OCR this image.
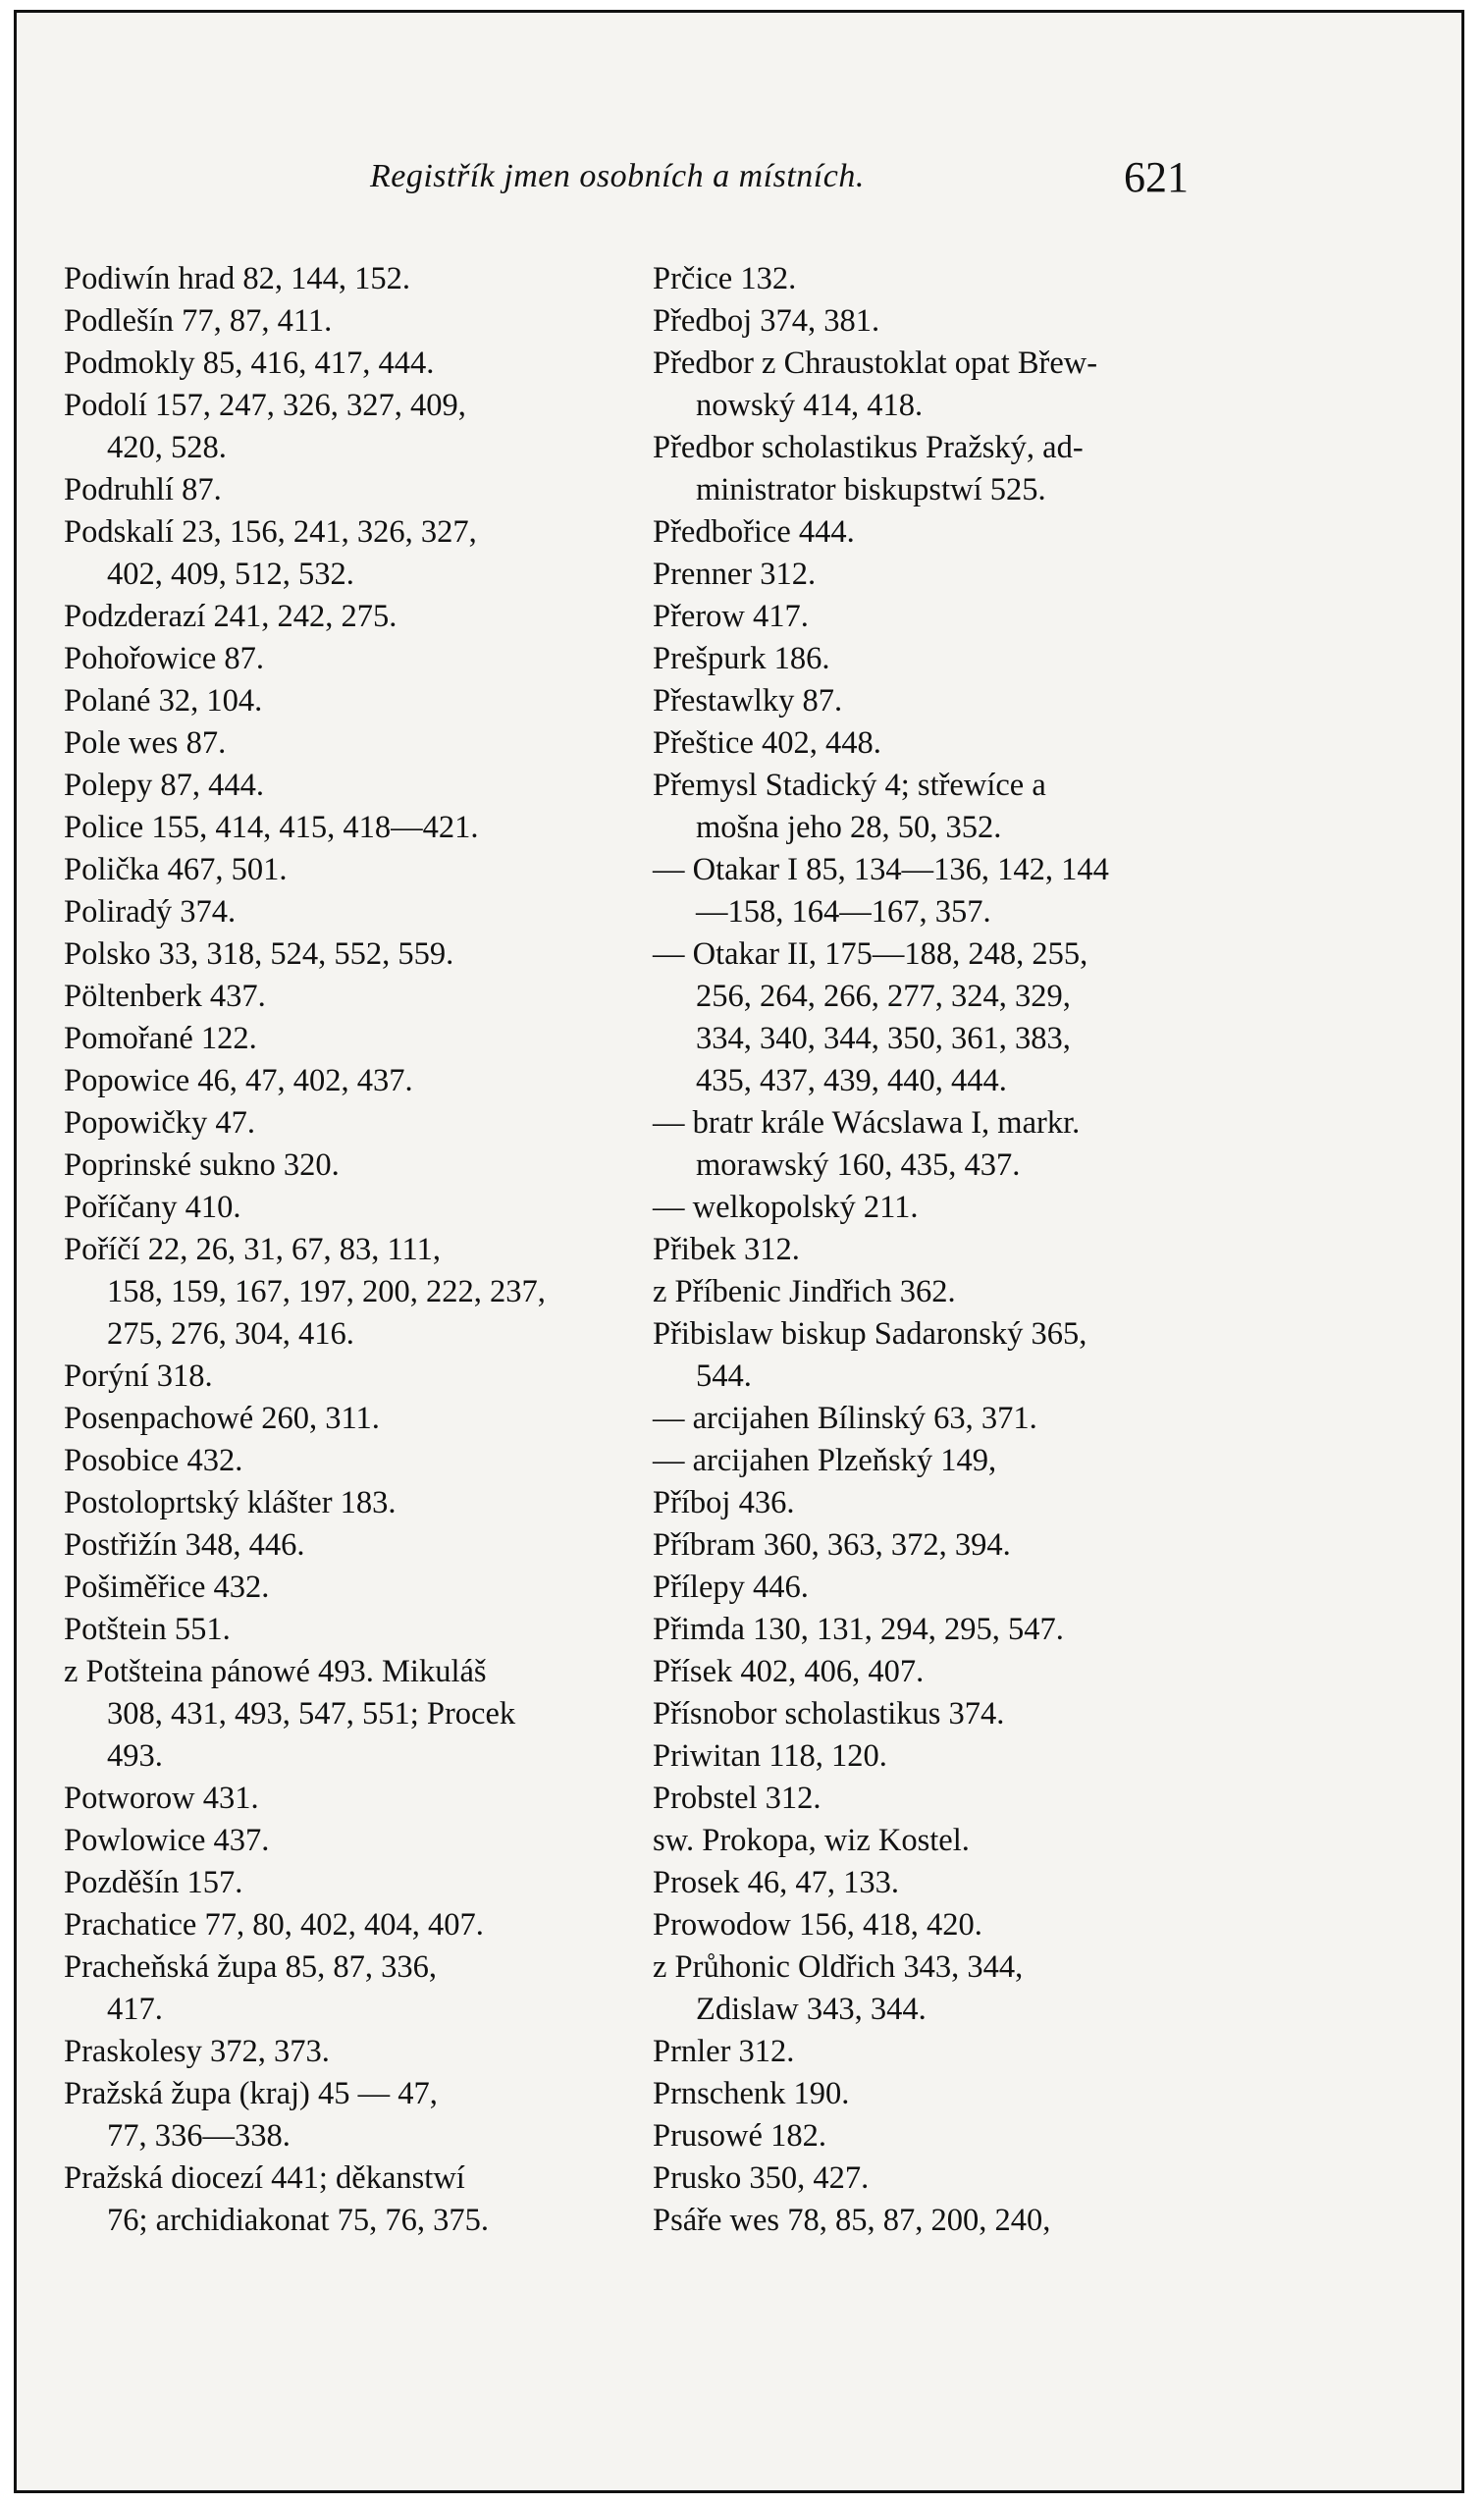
Registřík jmen osobních a místních.	621
Podiwín hrad 82, 144, 152.
Podlešín 77, 87, 411.
Podmokly 85, 416, 417, 444.
Podolí 157, 247, 326, 327, 409,
420, 528.
Podruhlí 87.
Podskalí 23, 156, 241, 326, 327,
402, 409, 512, 532.
Podzderazí 241, 242, 275.
Pohořowice 87.
Polané 32, 104.
Pole wes 87.
Polepy 87, 444.
Police 155, 414, 415, 418—421.
Polička 467, 501.
Poliradý 374.
Polsko 33, 318, 524, 552, 559.
Pöltenberk 437.
Pomořané 122.
Popowice 46, 47, 402, 437.
Popowičky 47.
Poprinské sukno 320.
Poříčany 410.
Poříčí 22, 26, 31, 67, 83, 111,
158, 159, 167, 197, 200, 222, 237,
275, 276, 304, 416.
Porýní 318.
Posenpachowé 260, 311.
Posobice 432.
Postoloprtský klášter 183.
Postřižín 348, 446.
Pošiměřice 432.
Potštein 551.
z Potšteina pánowé 493. Mikuláš
308, 431, 493, 547, 551; Procek
493.
Potworow 431.
Powlowice 437.
Pozděšín 157.
Prachatice 77, 80, 402, 404, 407.
Pracheňská župa 85, 87, 336,
417.
Praskolesy 372, 373.
Pražská župa (kraj) 45 — 47,
77, 336—338.
Pražská diocezí 441; děkanstwí
76; archidiakonat 75, 76, 375.
Prčice 132.
Předboj 374, 381.
Předbor z Chraustoklat opat Břew-
nowský 414, 418.
Předbor scholastikus Pražský, ad-
ministrator biskupstwí 525.
Předbořice 444.
Prenner 312.
Přerow 417.
Prešpurk 186.
Přestawlky 87.
Přeštice 402, 448.
Přemysl Stadický 4; střewíce a
mošna jeho 28, 50, 352.
— Otakar I 85, 134—136, 142, 144
—158, 164—167, 357.
— Otakar II, 175—188, 248, 255,
256, 264, 266, 277, 324, 329,
334, 340, 344, 350, 361, 383,
435, 437, 439, 440, 444.
— bratr krále Wácslawa I, markr.
morawský 160, 435, 437.
— welkopolský 211.
Přibek 312.
z Příbenic Jindřich 362.
Přibislaw biskup Sadaronský 365,
544.
— arcijahen Bílinský 63, 371.
— arcijahen Plzeňský 149,
Příboj 436.
Příbram 360, 363, 372, 394.
Přílepy 446.
Přimda 130, 131, 294, 295, 547.
Přísek 402, 406, 407.
Přísnobor scholastikus 374.
Priwitan 118, 120.
Probstel 312.
sw. Prokopa, wiz Kostel.
Prosek 46, 47, 133.
Prowodow 156, 418, 420.
z Průhonic Oldřich 343, 344,
Zdislaw 343, 344.
Prnler 312.
Prnschenk 190.
Prusowé 182.
Prusko 350, 427.
Psáře wes 78, 85, 87, 200, 240,
